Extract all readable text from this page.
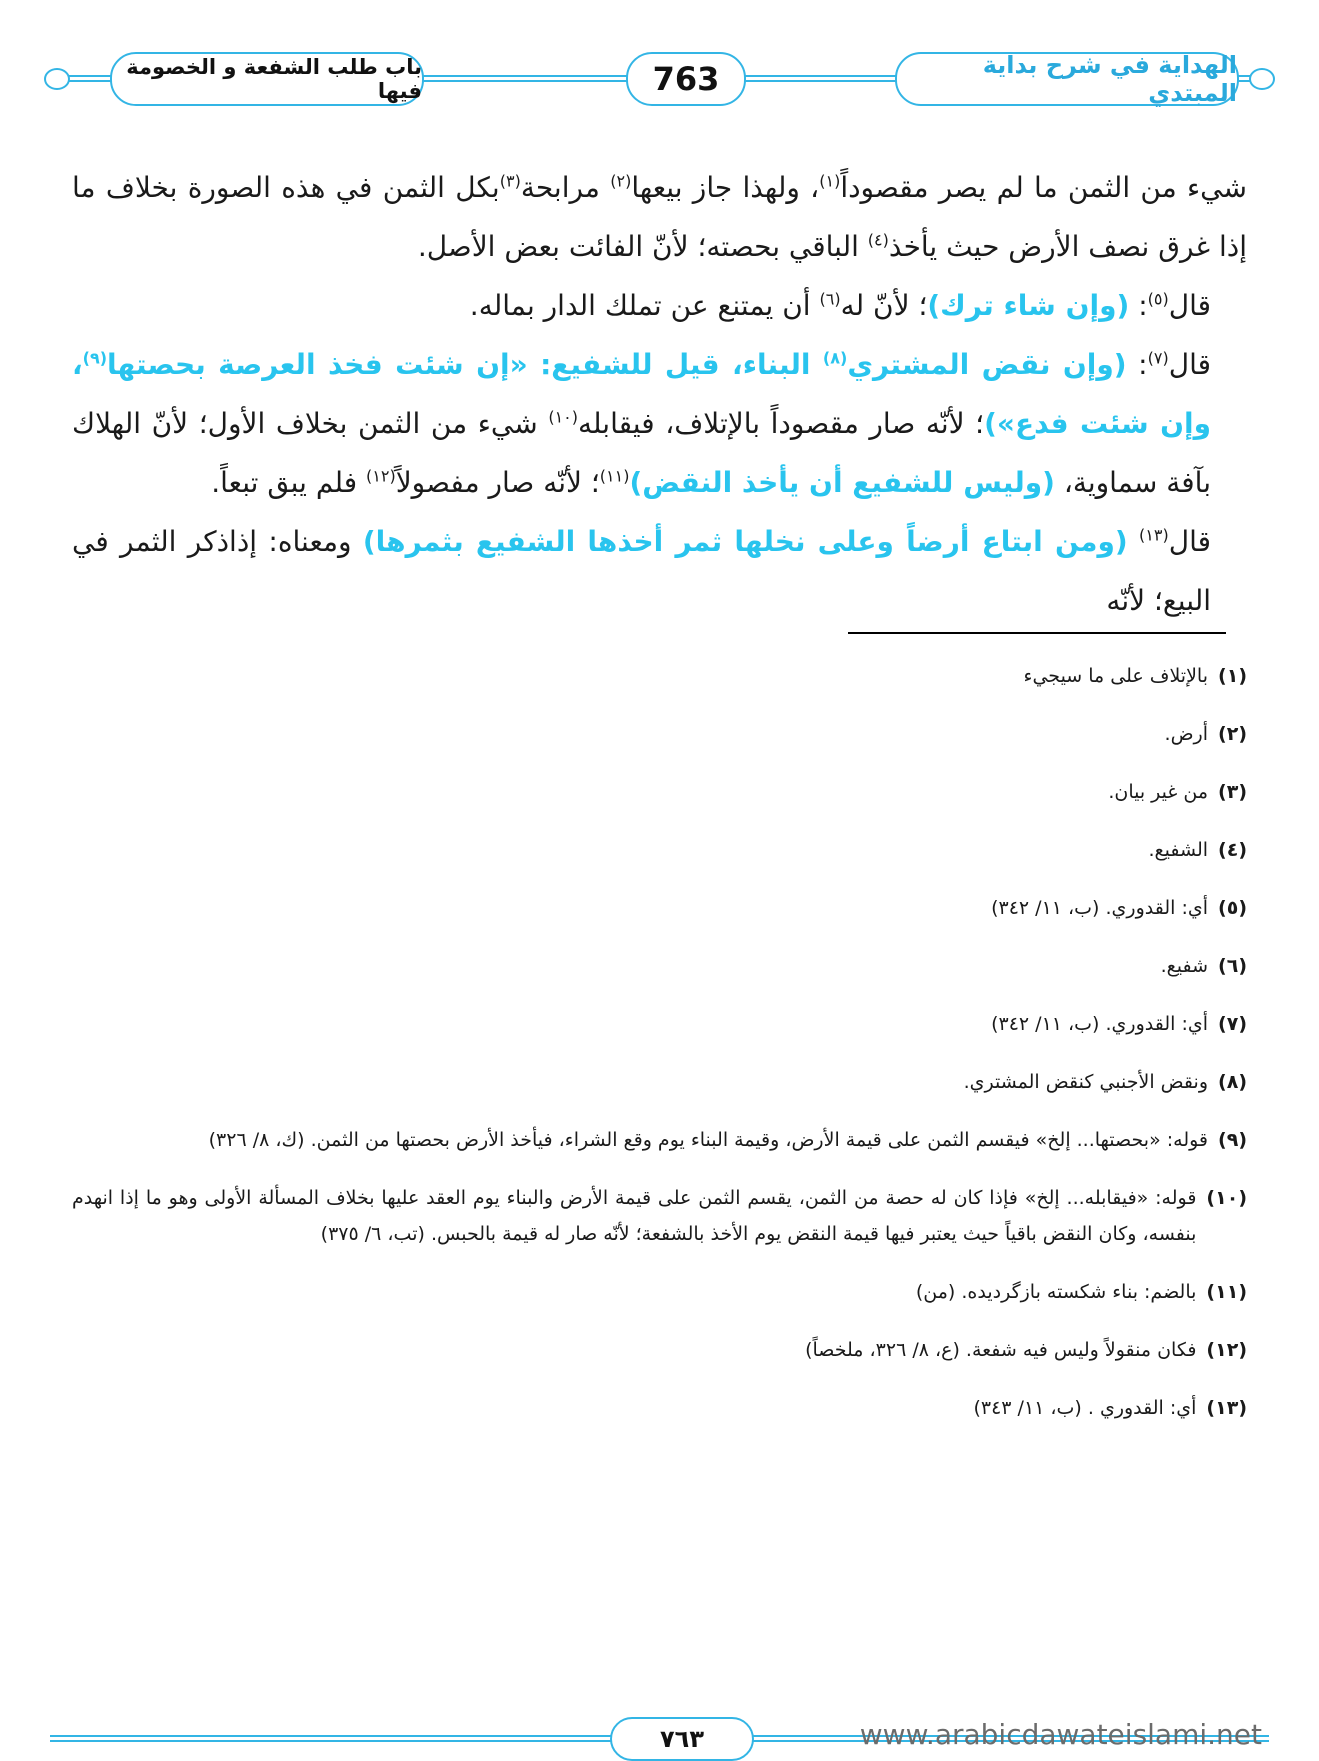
الهداية في شرح بداية المبتدي
763
باب طلب الشفعة و الخصومة فيها

شيء من الثمن ما لم يصر مقصوداً$^{(١)}$، ولهذا جاز بيعها$^{(٢)}$ مرابحة$^{(٣)}$بكل الثمن في هذه الصورة بخلاف ما إذا غرق نصف الأرض حيث يأخذ$^{(٤)}$ الباقي بحصته؛ لأنّ الفائت بعض الأصل.

قال$^{(٥)}$: (وإن شاء ترك)؛ لأنّ له$^{(٦)}$ أن يمتنع عن تملك الدار بماله.

قال$^{(٧)}$: (وإن نقض المشتري$^{(٨)}$ البناء، قيل للشفيع: «إن شئت فخذ العرصة بحصتها$^{(٩)}$، وإن شئت فدع»)؛ لأنّه صار مقصوداً بالإتلاف، فيقابله$^{(١٠)}$ شيء من الثمن بخلاف الأول؛ لأنّ الهلاك بآفة سماوية، (وليس للشفيع أن يأخذ النقض)$^{(١١)}$؛ لأنّه صار مفصولاً$^{(١٢)}$ فلم يبق تبعاً.

قال$^{(١٣)}$ (ومن ابتاع أرضاً وعلى نخلها ثمر أخذها الشفيع بثمرها) ومعناه: إذاذكر الثمر في البيع؛ لأنّه

(١)
بالإتلاف على ما سيجيء
(٢)
أرض.
(٣)
من غير بيان.
(٤)
الشفيع.
(٥)
أي: القدوري. (ب، ١١/ ٣٤٢)
(٦)
شفيع.
(٧)
أي: القدوري. (ب، ١١/ ٣٤٢)
(٨)
ونقض الأجنبي كنقض المشتري.
(٩)
قوله: «بحصتها... إلخ» فيقسم الثمن على قيمة الأرض، وقيمة البناء يوم وقع الشراء، فيأخذ الأرض بحصتها من الثمن. (ك، ٨/ ٣٢٦)
(١٠)
قوله: «فيقابله... إلخ» فإذا كان له حصة من الثمن، يقسم الثمن على قيمة الأرض والبناء يوم العقد عليها بخلاف المسألة الأولى وهو ما إذا انهدم بنفسه، وكان النقض باقياً حيث يعتبر فيها قيمة النقض يوم الأخذ بالشفعة؛ لأنّه صار له قيمة بالحبس. (تب، ٦/ ٣٧٥)
(١١)
بالضم: بناء شكسته بازگرديده. (من)
(١٢)
فكان منقولاً وليس فيه شفعة. (ع، ٨/ ٣٢٦، ملخصاً)
(١٣)
أي: القدوري . (ب، ١١/ ٣٤٣)
٧٦٣	www.arabicdawateislami.net
